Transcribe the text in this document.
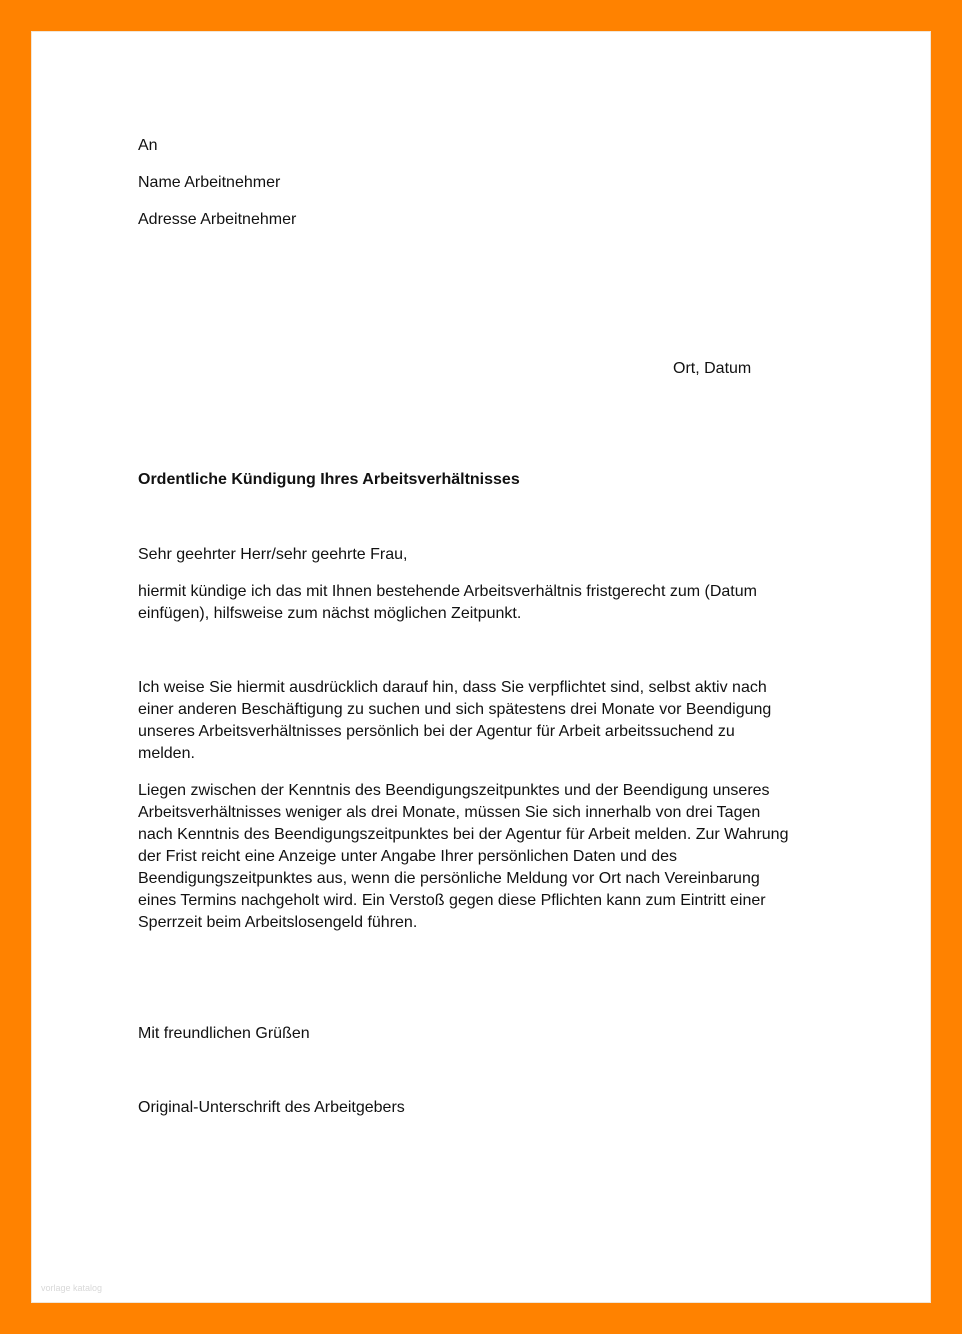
An
Name Arbeitnehmer
Adresse Arbeitnehmer
Ort, Datum
Ordentliche Kündigung Ihres Arbeitsverhältnisses
Sehr geehrter Herr/sehr geehrte Frau,
hiermit kündige ich das mit Ihnen bestehende Arbeitsverhältnis fristgerecht zum (Datum
einfügen), hilfsweise zum nächst möglichen Zeitpunkt.
Ich weise Sie hiermit ausdrücklich darauf hin, dass Sie verpflichtet sind, selbst aktiv nach
einer anderen Beschäftigung zu suchen und sich spätestens drei Monate vor Beendigung
unseres Arbeitsverhältnisses persönlich bei der Agentur für Arbeit arbeitssuchend zu
melden.
Liegen zwischen der Kenntnis des Beendigungszeitpunktes und der Beendigung unseres
Arbeitsverhältnisses weniger als drei Monate, müssen Sie sich innerhalb von drei Tagen
nach Kenntnis des Beendigungszeitpunktes bei der Agentur für Arbeit melden. Zur Wahrung
der Frist reicht eine Anzeige unter Angabe Ihrer persönlichen Daten und des
Beendigungszeitpunktes aus, wenn die persönliche Meldung vor Ort nach Vereinbarung
eines Termins nachgeholt wird. Ein Verstoß gegen diese Pflichten kann zum Eintritt einer
Sperrzeit beim Arbeitslosengeld führen.
Mit freundlichen Grüßen
Original-Unterschrift des Arbeitgebers
vorlage katalog
